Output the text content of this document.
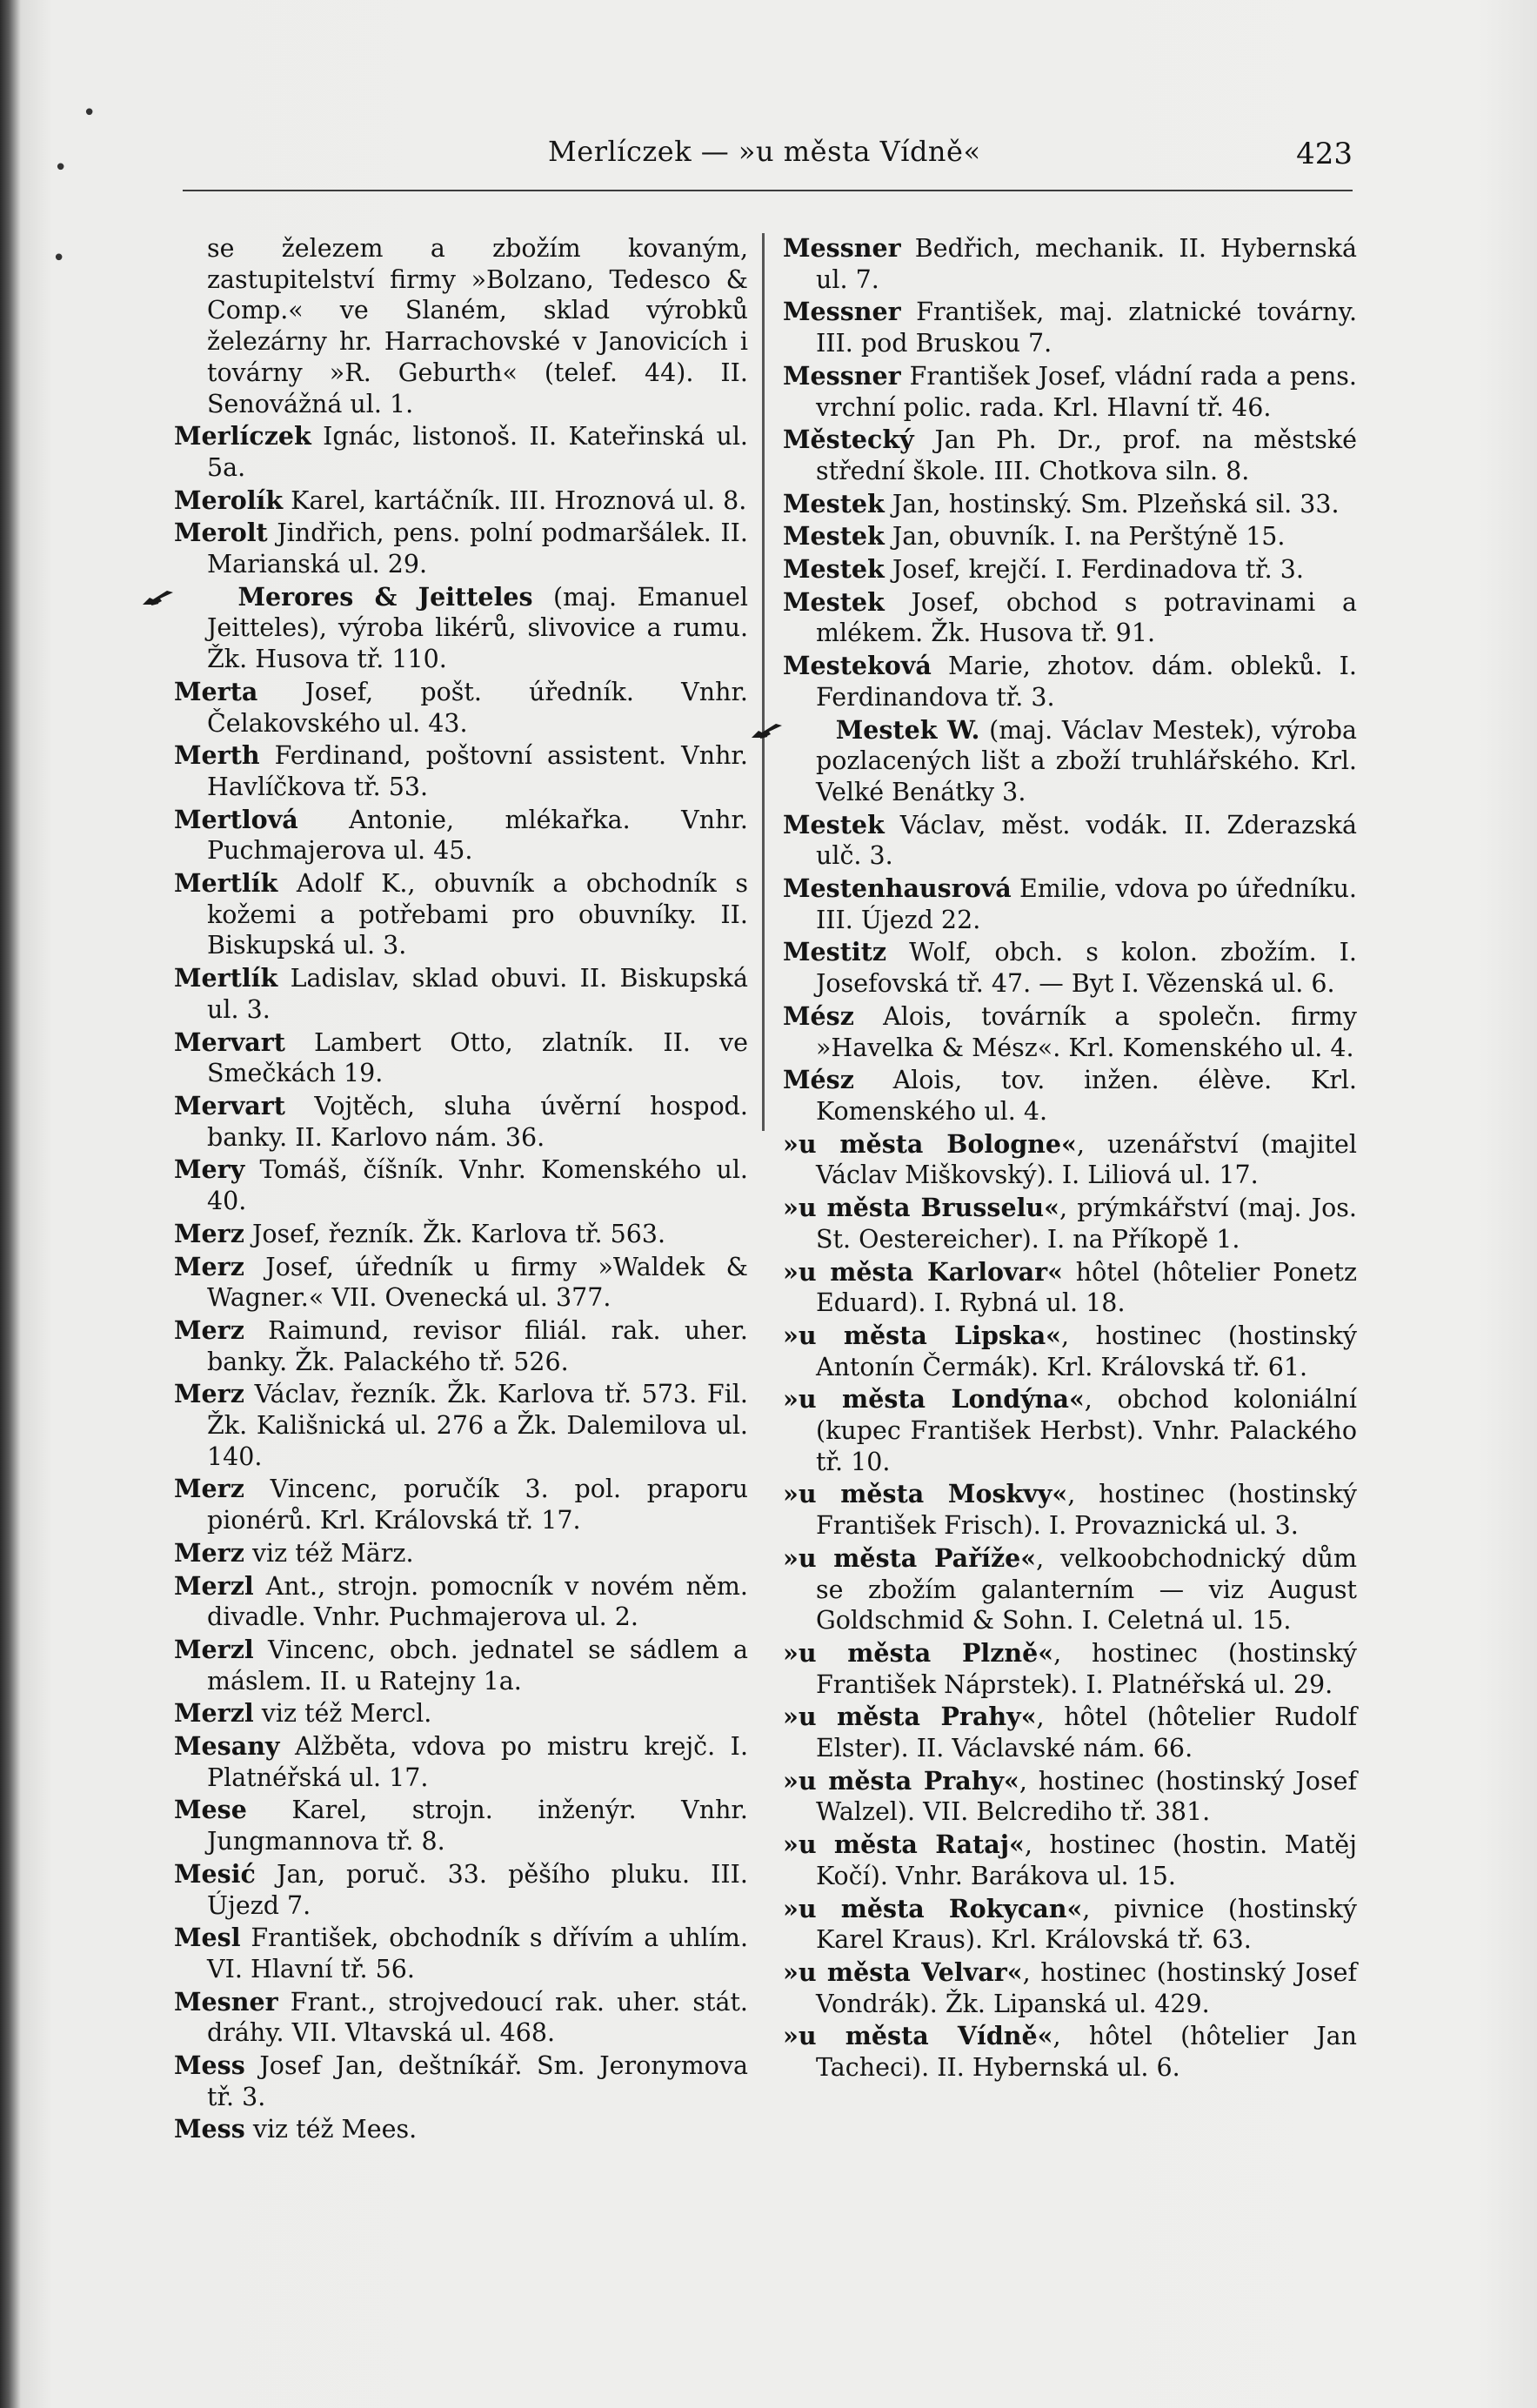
Merlíczek — »u města Vídně«	423
•
•
•	se železem a zbožím kovaným, zastupitelství firmy »Bolzano, Tedesco & Comp.« ve Slaném, sklad výrobků železárny hr. Harrachovské v Janovicích i továrny »R. Geburth« (telef. 44). II. Senovážná ul. 1.

Merlíczek Ignác, listonoš. II. Kateřinská ul. 5a.

Merolík Karel, kartáčník. III. Hroznová ul. 8.

Merolt Jindřich, pens. polní podmaršálek. II. Marianská ul. 29.

Merores & Jeitteles (maj. Emanuel Jeitteles), výroba likérů, slivovice a rumu. Žk. Husova tř. 110.

Merta Josef, pošt. úředník. Vnhr. Čelakovského ul. 43.

Merth Ferdinand, poštovní assistent. Vnhr. Havlíčkova tř. 53.

Mertlová Antonie, mlékařka. Vnhr. Puchmajerova ul. 45.

Mertlík Adolf K., obuvník a obchodník s kožemi a potřebami pro obuvníky. II. Biskupská ul. 3.

Mertlík Ladislav, sklad obuvi. II. Biskupská ul. 3.

Mervart Lambert Otto, zlatník. II. ve Smečkách 19.

Mervart Vojtěch, sluha úvěrní hospod. banky. II. Karlovo nám. 36.

Mery Tomáš, číšník. Vnhr. Komenského ul. 40.

Merz Josef, řezník. Žk. Karlova tř. 563.

Merz Josef, úředník u firmy »Waldek & Wagner.« VII. Ovenecká ul. 377.

Merz Raimund, revisor filiál. rak. uher. banky. Žk. Palackého tř. 526.

Merz Václav, řezník. Žk. Karlova tř. 573. Fil. Žk. Kališnická ul. 276 a Žk. Dalemilova ul. 140.

Merz Vincenc, poručík 3. pol. praporu pionérů. Krl. Královská tř. 17.

Merz viz též März.

Merzl Ant., strojn. pomocník v novém něm. divadle. Vnhr. Puchmajerova ul. 2.

Merzl Vincenc, obch. jednatel se sádlem a máslem. II. u Ratejny 1a.

Merzl viz též Mercl.

Mesany Alžběta, vdova po mistru krejč. I. Platnéřská ul. 17.

Mese Karel, strojn. inženýr. Vnhr. Jungmannova tř. 8.

Mesić Jan, poruč. 33. pěšího pluku. III. Újezd 7.

Mesl František, obchodník s dřívím a uhlím. VI. Hlavní tř. 56.

Mesner Frant., strojvedoucí rak. uher. stát. dráhy. VII. Vltavská ul. 468.

Mess Josef Jan, deštníkář. Sm. Jeronymova tř. 3.

Mess viz též Mees.

Messner Bedřich, mechanik. II. Hybernská ul. 7.

Messner František, maj. zlatnické továrny. III. pod Bruskou 7.

Messner František Josef, vládní rada a pens. vrchní polic. rada. Krl. Hlavní tř. 46.

Městecký Jan Ph. Dr., prof. na městské střední škole. III. Chotkova siln. 8.

Mestek Jan, hostinský. Sm. Plzeňská sil. 33.

Mestek Jan, obuvník. I. na Perštýně 15.

Mestek Josef, krejčí. I. Ferdinadova tř. 3.

Mestek Josef, obchod s potravinami a mlékem. Žk. Husova tř. 91.

Mesteková Marie, zhotov. dám. obleků. I. Ferdinandova tř. 3.

Mestek W. (maj. Václav Mestek), výroba pozlacených lišt a zboží truhlářského. Krl. Velké Benátky 3.

Mestek Václav, měst. vodák. II. Zderazská ulč. 3.

Mestenhausrová Emilie, vdova po úředníku. III. Újezd 22.

Mestitz Wolf, obch. s kolon. zbožím. I. Josefovská tř. 47. — Byt I. Vězenská ul. 6.

Mész Alois, továrník a společn. firmy »Havelka & Mész«. Krl. Komenského ul. 4.

Mész Alois, tov. inžen. élève. Krl. Komenského ul. 4.

»u města Bologne«, uzenářství (majitel Václav Miškovský). I. Liliová ul. 17.

»u města Brusselu«, prýmkářství (maj. Jos. St. Oestereicher). I. na Příkopě 1.

»u města Karlovar« hôtel (hôtelier Ponetz Eduard). I. Rybná ul. 18.

»u města Lipska«, hostinec (hostinský Antonín Čermák). Krl. Královská tř. 61.

»u města Londýna«, obchod koloniální (kupec František Herbst). Vnhr. Palackého tř. 10.

»u města Moskvy«, hostinec (hostinský František Frisch). I. Provaznická ul. 3.

»u města Paříže«, velkoobchodnický dům se zbožím galanterním — viz August Goldschmid & Sohn. I. Celetná ul. 15.

»u města Plzně«, hostinec (hostinský František Náprstek). I. Platnéřská ul. 29.

»u města Prahy«, hôtel (hôtelier Rudolf Elster). II. Václavské nám. 66.

»u města Prahy«, hostinec (hostinský Josef Walzel). VII. Belcrediho tř. 381.

»u města Rataj«, hostinec (hostin. Matěj Kočí). Vnhr. Barákova ul. 15.

»u města Rokycan«, pivnice (hostinský Karel Kraus). Krl. Královská tř. 63.

»u města Velvar«, hostinec (hostinský Josef Vondrák). Žk. Lipanská ul. 429.

»u města Vídně«, hôtel (hôtelier Jan Tacheci). II. Hybernská ul. 6.
